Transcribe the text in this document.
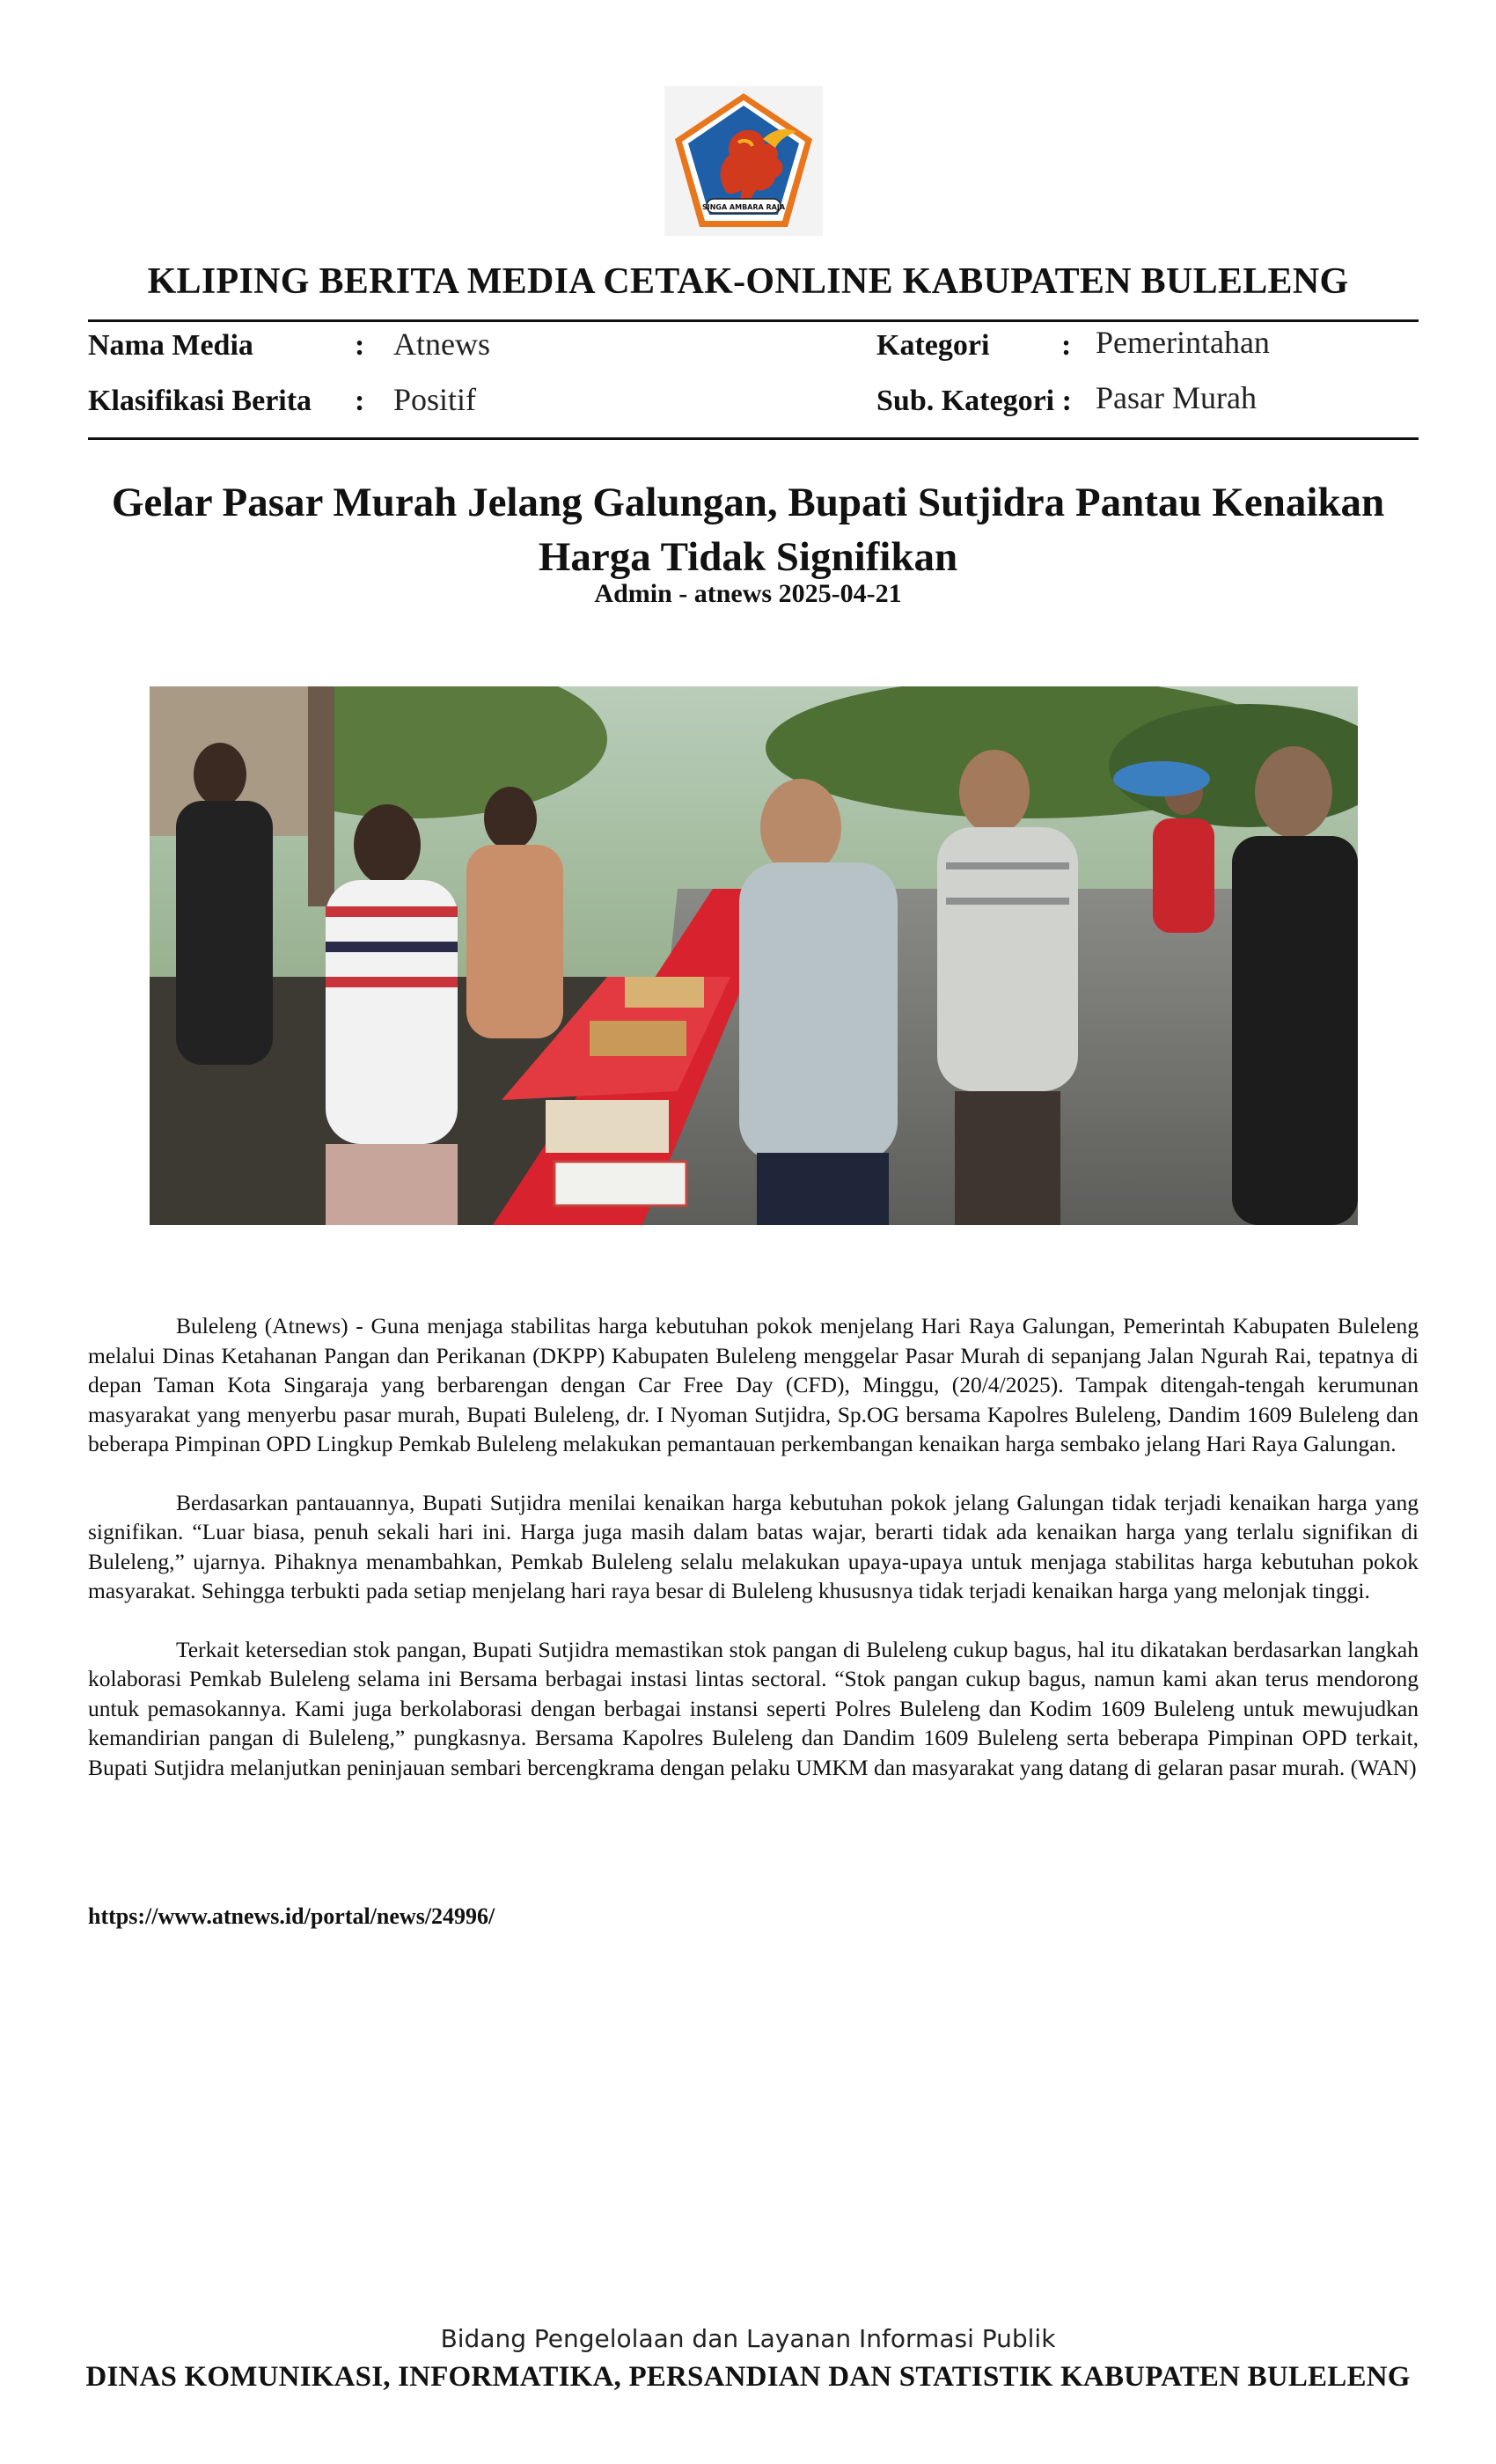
SINGA AMBARA RAJA
KLIPING BERITA MEDIA CETAK-ONLINE KABUPATEN BULELENG
Nama Media	: Atnews
Klasifikasi Berita : Positif
Kategori : Pemerintahan
Sub. Kategori : Pasar Murah
Gelar Pasar Murah Jelang Galungan, Bupati Sutjidra Pantau Kenaikan Harga Tidak Signifikan
Admin - atnews 2025-04-21

Buleleng (Atnews) - Guna menjaga stabilitas harga kebutuhan pokok menjelang Hari Raya Galungan, Pemerintah Kabupaten Buleleng melalui Dinas Ketahanan Pangan dan Perikanan (DKPP) Kabupaten Buleleng menggelar Pasar Murah di sepanjang Jalan Ngurah Rai, tepatnya di depan Taman Kota Singaraja yang berbarengan dengan Car Free Day (CFD), Minggu, (20/4/2025). Tampak ditengah-tengah kerumunan masyarakat yang menyerbu pasar murah, Bupati Buleleng, dr. I Nyoman Sutjidra, Sp.OG bersama Kapolres Buleleng, Dandim 1609 Buleleng dan beberapa Pimpinan OPD Lingkup Pemkab Buleleng melakukan pemantauan perkembangan kenaikan harga sembako jelang Hari Raya Galungan.

Berdasarkan pantauannya, Bupati Sutjidra menilai kenaikan harga kebutuhan pokok jelang Galungan tidak terjadi kenaikan harga yang signifikan. “Luar biasa, penuh sekali hari ini. Harga juga masih dalam batas wajar, berarti tidak ada kenaikan harga yang terlalu signifikan di Buleleng,” ujarnya. Pihaknya menambahkan, Pemkab Buleleng selalu melakukan upaya-upaya untuk menjaga stabilitas harga kebutuhan pokok masyarakat. Sehingga terbukti pada setiap menjelang hari raya besar di Buleleng khususnya tidak terjadi kenaikan harga yang melonjak tinggi.

Terkait ketersedian stok pangan, Bupati Sutjidra memastikan stok pangan di Buleleng cukup bagus, hal itu dikatakan berdasarkan langkah kolaborasi Pemkab Buleleng selama ini Bersama berbagai instasi lintas sectoral. “Stok pangan cukup bagus, namun kami akan terus mendorong untuk pemasokannya. Kami juga berkolaborasi dengan berbagai instansi seperti Polres Buleleng dan Kodim 1609 Buleleng untuk mewujudkan kemandirian pangan di Buleleng,” pungkasnya. Bersama Kapolres Buleleng dan Dandim 1609 Buleleng serta beberapa Pimpinan OPD terkait, Bupati Sutjidra melanjutkan peninjauan sembari bercengkrama dengan pelaku UMKM dan masyarakat yang datang di gelaran pasar murah. (WAN)

https://www.atnews.id/portal/news/24996/
Bidang Pengelolaan dan Layanan Informasi Publik
DINAS KOMUNIKASI, INFORMATIKA, PERSANDIAN DAN STATISTIK KABUPATEN BULELENG
